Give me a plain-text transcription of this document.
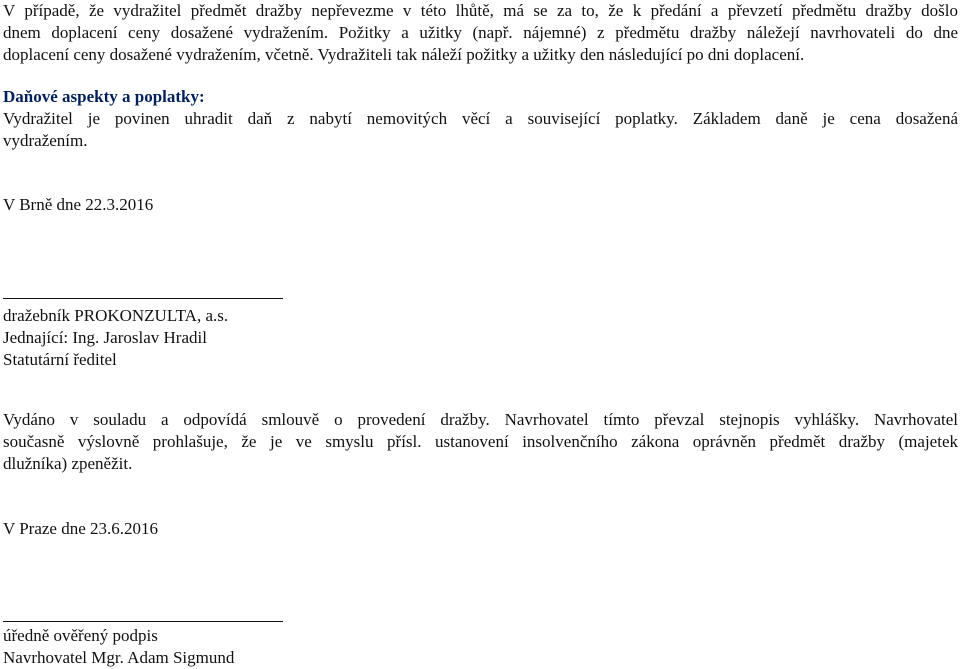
V případě, že vydražitel předmět dražby nepřevezme v této lhůtě, má se za to, že k předání a převzetí předmětu dražby došlo
dnem doplacení ceny dosažené vydražením. Požitky a užitky (např. nájemné) z předmětu dražby náležejí navrhovateli do dne
doplacení ceny dosažené vydražením, včetně. Vydražiteli tak náleží požitky a užitky den následující po dni doplacení.

Daňové aspekty a poplatky:

Vydražitel je povinen uhradit daň z nabytí nemovitých věcí a související poplatky. Základem daně je cena dosažená
vydražením.

V Brně dne 22.3.2016
dražebník PROKONZULTA, a.s.
Jednající: Ing. Jaroslav Hradil
Statutární ředitel

Vydáno v souladu a odpovídá smlouvě o provedení dražby. Navrhovatel tímto převzal stejnopis vyhlášky. Navrhovatel
současně výslovně prohlašuje, že je ve smyslu přísl. ustanovení insolvenčního zákona oprávněn předmět dražby (majetek
dlužníka) zpeněžit.

V Praze dne 23.6.2016
úředně ověřený podpis
Navrhovatel Mgr. Adam Sigmund
